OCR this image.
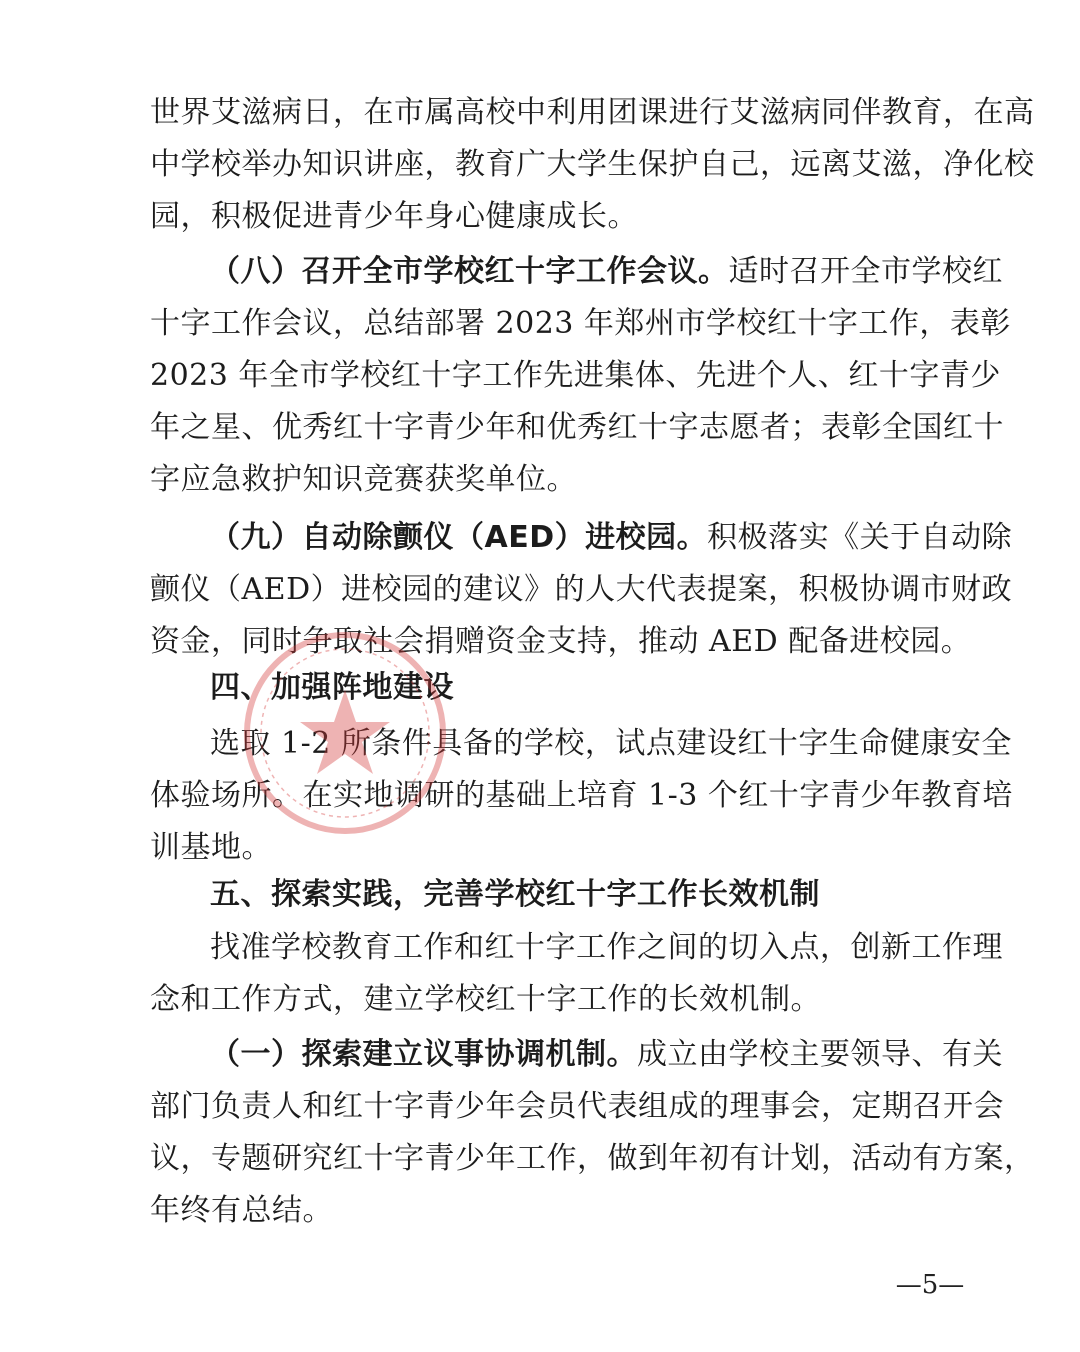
世界艾滋病日，在市属高校中利用团课进行艾滋病同伴教育，在高
中学校举办知识讲座，教育广大学生保护自己，远离艾滋，净化校
园，积极促进青少年身心健康成长。
（八）召开全市学校红十字工作会议。适时召开全市学校红
十字工作会议，总结部署 2023 年郑州市学校红十字工作，表彰
2023 年全市学校红十字工作先进集体、先进个人、红十字青少
年之星、优秀红十字青少年和优秀红十字志愿者；表彰全国红十
字应急救护知识竞赛获奖单位。
（九）自动除颤仪（AED）进校园。积极落实《关于自动除
颤仪（AED）进校园的建议》的人大代表提案，积极协调市财政
资金，同时争取社会捐赠资金支持，推动 AED 配备进校园。
四、加强阵地建设
选取 1-2 所条件具备的学校，试点建设红十字生命健康安全
体验场所。在实地调研的基础上培育 1-3 个红十字青少年教育培
训基地。
五、探索实践，完善学校红十字工作长效机制
找准学校教育工作和红十字工作之间的切入点，创新工作理
念和工作方式，建立学校红十字工作的长效机制。
（一）探索建立议事协调机制。成立由学校主要领导、有关
部门负责人和红十字青少年会员代表组成的理事会，定期召开会
议，专题研究红十字青少年工作，做到年初有计划，活动有方案，
年终有总结。
—5—
